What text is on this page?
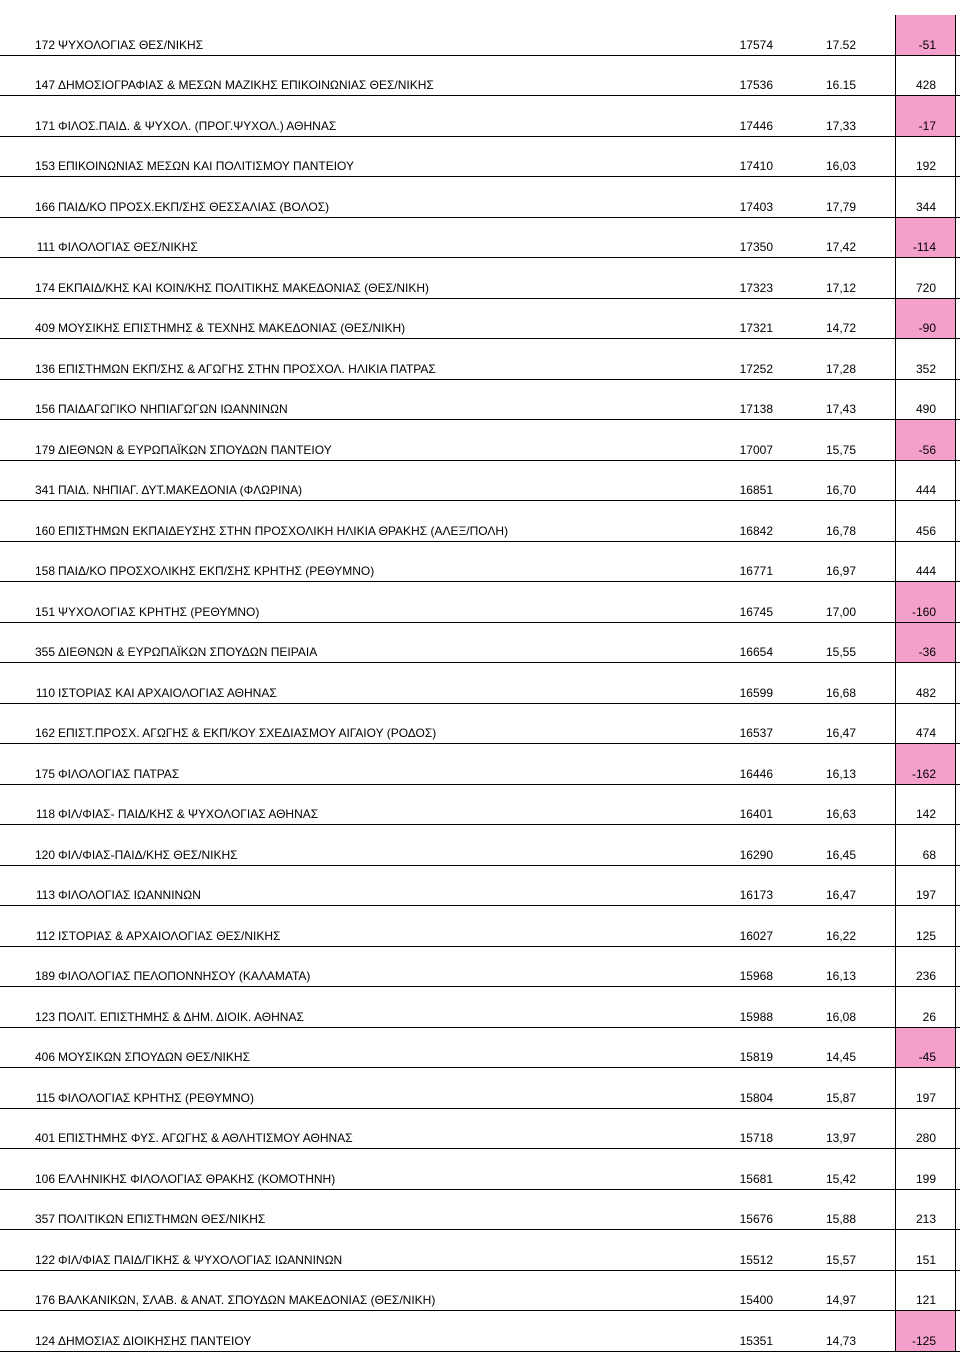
172 ΨΥΧΟΛΟΓΙΑΣ ΘΕΣ/ΝΙΚΗΣ	17574	17.52	-51
147 ΔΗΜΟΣΙΟΓΡΑΦΙΑΣ & ΜΕΣΩΝ ΜΑΖΙΚΗΣ ΕΠΙΚΟΙΝΩΝΙΑΣ ΘΕΣ/ΝΙΚΗΣ	17536	16.15	428
171 ΦΙΛΟΣ.ΠΑΙΔ. & ΨΥΧΟΛ. (ΠΡΟΓ.ΨΥΧΟΛ.) ΑΘΗΝΑΣ	17446	17,33	-17
153 ΕΠΙΚΟΙΝΩΝΙΑΣ ΜΕΣΩΝ ΚΑΙ ΠΟΛΙΤΙΣΜΟΥ ΠΑΝΤΕΙΟΥ	17410	16,03	192
166 ΠΑΙΔ/ΚΟ ΠΡΟΣΧ.ΕΚΠ/ΣΗΣ ΘΕΣΣΑΛΙΑΣ (ΒΟΛΟΣ)	17403	17,79	344
111 ΦΙΛΟΛΟΓΙΑΣ ΘΕΣ/ΝΙΚΗΣ	17350	17,42	-114
174 ΕΚΠΑΙΔ/ΚΗΣ ΚΑΙ ΚΟΙΝ/ΚΗΣ ΠΟΛΙΤΙΚΗΣ ΜΑΚΕΔΟΝΙΑΣ (ΘΕΣ/ΝΙΚΗ)	17323	17,12	720
409 ΜΟΥΣΙΚΗΣ ΕΠΙΣΤΗΜΗΣ & ΤΕΧΝΗΣ ΜΑΚΕΔΟΝΙΑΣ (ΘΕΣ/ΝΙΚΗ)	17321	14,72	-90
136 ΕΠΙΣΤΗΜΩΝ ΕΚΠ/ΣΗΣ & ΑΓΩΓΗΣ ΣΤΗΝ ΠΡΟΣΧΟΛ. ΗΛΙΚΙΑ ΠΑΤΡΑΣ	17252	17,28	352
156 ΠΑΙΔΑΓΩΓΙΚΟ ΝΗΠΙΑΓΩΓΩΝ ΙΩΑΝΝΙΝΩΝ	17138	17,43	490
179 ΔΙΕΘΝΩΝ & ΕΥΡΩΠΑΪΚΩΝ ΣΠΟΥΔΩΝ ΠΑΝΤΕΙΟΥ	17007	15,75	-56
341 ΠΑΙΔ. ΝΗΠΙΑΓ. ΔΥΤ.ΜΑΚΕΔΟΝΙΑ (ΦΛΩΡΙΝΑ)	16851	16,70	444
160 ΕΠΙΣΤΗΜΩΝ ΕΚΠΑΙΔΕΥΣΗΣ ΣΤΗΝ ΠΡΟΣΧΟΛΙΚΗ ΗΛΙΚΙΑ ΘΡΑΚΗΣ (ΑΛΕΞ/ΠΟΛΗ)	16842	16,78	456
158 ΠΑΙΔ/ΚΟ ΠΡΟΣΧΟΛΙΚΗΣ ΕΚΠ/ΣΗΣ ΚΡΗΤΗΣ (ΡΕΘΥΜΝΟ)	16771	16,97	444
151 ΨΥΧΟΛΟΓΙΑΣ ΚΡΗΤΗΣ (ΡΕΘΥΜΝΟ)	16745	17,00	-160
355 ΔΙΕΘΝΩΝ & ΕΥΡΩΠΑΪΚΩΝ ΣΠΟΥΔΩΝ ΠΕΙΡΑΙΑ	16654	15,55	-36
110 ΙΣΤΟΡΙΑΣ ΚΑΙ ΑΡΧΑΙΟΛΟΓΙΑΣ ΑΘΗΝΑΣ	16599	16,68	482
162 ΕΠΙΣΤ.ΠΡΟΣΧ. ΑΓΩΓΗΣ & ΕΚΠ/ΚΟΥ ΣΧΕΔΙΑΣΜΟΥ ΑΙΓΑΙΟΥ (ΡΟΔΟΣ)	16537	16,47	474
175 ΦΙΛΟΛΟΓΙΑΣ ΠΑΤΡΑΣ	16446	16,13	-162
118 ΦΙΛ/ΦΙΑΣ- ΠΑΙΔ/ΚΗΣ & ΨΥΧΟΛΟΓΙΑΣ ΑΘΗΝΑΣ	16401	16,63	142
120 ΦΙΛ/ΦΙΑΣ-ΠΑΙΔ/ΚΗΣ ΘΕΣ/ΝΙΚΗΣ	16290	16,45	68
113 ΦΙΛΟΛΟΓΙΑΣ ΙΩΑΝΝΙΝΩΝ	16173	16,47	197
112 ΙΣΤΟΡΙΑΣ & ΑΡΧΑΙΟΛΟΓΙΑΣ ΘΕΣ/ΝΙΚΗΣ	16027	16,22	125
189 ΦΙΛΟΛΟΓΙΑΣ ΠΕΛΟΠΟΝΝΗΣΟΥ (ΚΑΛΑΜΑΤΑ)	15968	16,13	236
123 ΠΟΛΙΤ. ΕΠΙΣΤΗΜΗΣ & ΔΗΜ. ΔΙΟΙΚ. ΑΘΗΝΑΣ	15988	16,08	26
406 ΜΟΥΣΙΚΩΝ ΣΠΟΥΔΩΝ ΘΕΣ/ΝΙΚΗΣ	15819	14,45	-45
115 ΦΙΛΟΛΟΓΙΑΣ ΚΡΗΤΗΣ (ΡΕΘΥΜΝΟ)	15804	15,87	197
401 ΕΠΙΣΤΗΜΗΣ ΦΥΣ. ΑΓΩΓΗΣ & ΑΘΛΗΤΙΣΜΟΥ ΑΘΗΝΑΣ	15718	13,97	280
106 ΕΛΛΗΝΙΚΗΣ ΦΙΛΟΛΟΓΙΑΣ ΘΡΑΚΗΣ (ΚΟΜΟΤΗΝΗ)	15681	15,42	199
357 ΠΟΛΙΤΙΚΩΝ ΕΠΙΣΤΗΜΩΝ ΘΕΣ/ΝΙΚΗΣ	15676	15,88	213
122 ΦΙΛ/ΦΙΑΣ ΠΑΙΔ/ΓΙΚΗΣ & ΨΥΧΟΛΟΓΙΑΣ ΙΩΑΝΝΙΝΩΝ	15512	15,57	151
176 ΒΑΛΚΑΝΙΚΩΝ, ΣΛΑΒ. & ΑΝΑΤ. ΣΠΟΥΔΩΝ ΜΑΚΕΔΟΝΙΑΣ (ΘΕΣ/ΝΙΚΗ)	15400	14,97	121
124 ΔΗΜΟΣΙΑΣ ΔΙΟΙΚΗΣΗΣ ΠΑΝΤΕΙΟΥ	15351	14,73	-125
